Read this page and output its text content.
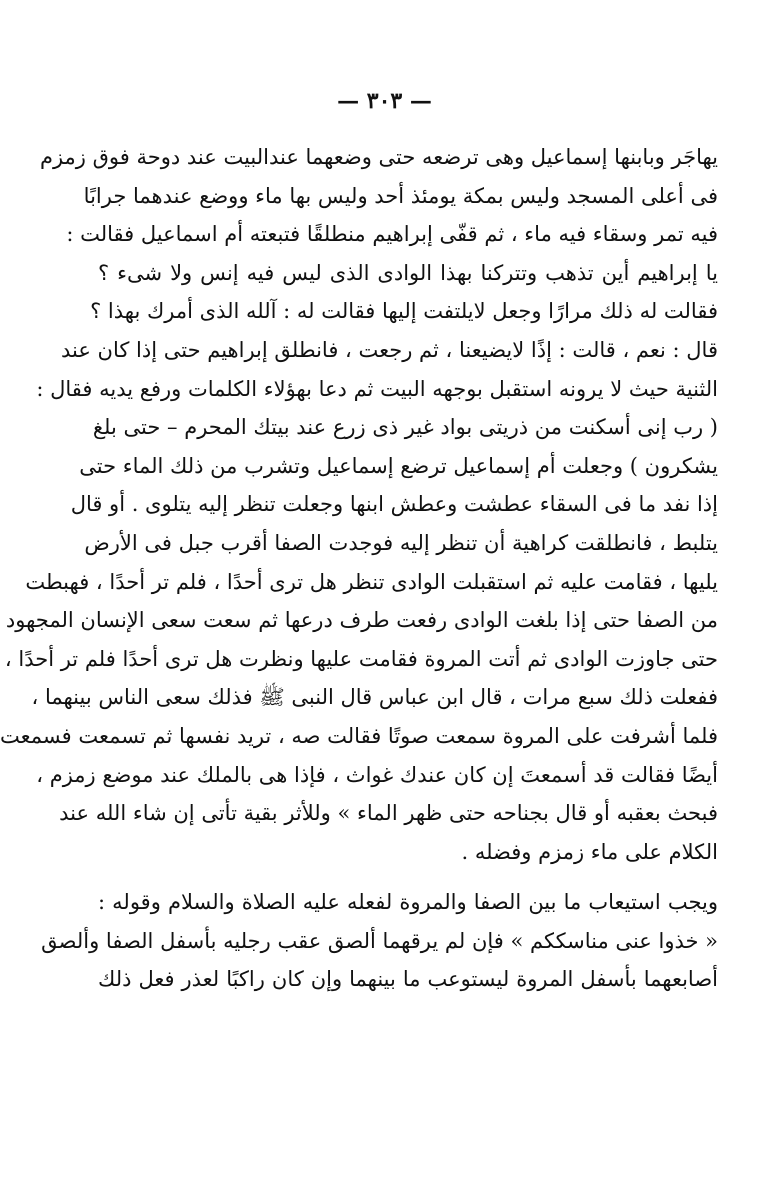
— ٣٠٣ —
يهاجَر وبابنها إسماعيل وهى ترضعه حتى وضعهما عندالبيت عند دوحة فوق زمزم
فى أعلى المسجد وليس بمكة يومئذ أحد وليس بها ماء ووضع عندهما جرابًا
فيه تمر وسقاء فيه ماء ، ثم قفّى إبراهيم منطلقًا فتبعته أم اسماعيل فقالت :
يا إبراهيم أين تذهب وتتركنا بهذا الوادى الذى ليس فيه إنس ولا شىء ؟
فقالت له ذلك مرارًا وجعل لايلتفت إليها فقالت له : آلله الذى أمرك بهذا ؟
قال : نعم ، قالت : إذًا لايضيعنا ، ثم رجعت ، فانطلق إبراهيم حتى إذا كان عند
الثنية حيث لا يرونه استقبل بوجهه البيت ثم دعا بهؤلاء الكلمات ورفع يديه فقال :
( رب إنى أسكنت من ذريتى بواد غير ذى زرع عند بيتك المحرم – حتى بلغ
يشكرون ) وجعلت أم إسماعيل ترضع إسماعيل وتشرب من ذلك الماء حتى
إذا نفد ما فى السقاء عطشت وعطش ابنها وجعلت تنظر إليه يتلوى . أو قال
يتلبط ، فانطلقت كراهية أن تنظر إليه فوجدت الصفا أقرب جبل فى الأرض
يليها ، فقامت عليه ثم استقبلت الوادى تنظر هل ترى أحدًا ، فلم تر أحدًا ، فهبطت
من الصفا حتى إذا بلغت الوادى رفعت طرف درعها ثم سعت سعى الإنسان المجهود
حتى جاوزت الوادى ثم أتت المروة فقامت عليها ونظرت هل ترى أحدًا فلم تر أحدًا ،
ففعلت ذلك سبع مرات ، قال ابن عباس قال النبى ﷺ فذلك سعى الناس بينهما ،
فلما أشرفت على المروة سمعت صوتًا فقالت صه ، تريد نفسها ثم تسمعت فسمعت
أيضًا فقالت قد أسمعتَ إن كان عندك غواث ، فإذا هى بالملك عند موضع زمزم ،
فبحث بعقبه أو قال بجناحه حتى ظهر الماء » وللأثر بقية تأتى إن شاء الله عند
الكلام على ماء زمزم وفضله .
ويجب استيعاب ما بين الصفا والمروة لفعله عليه الصلاة والسلام وقوله :
« خذوا عنى مناسككم » فإن لم يرقهما ألصق عقب رجليه بأسفل الصفا وألصق
أصابعهما بأسفل المروة ليستوعب ما بينهما وإن كان راكبًا لعذر فعل ذلك
